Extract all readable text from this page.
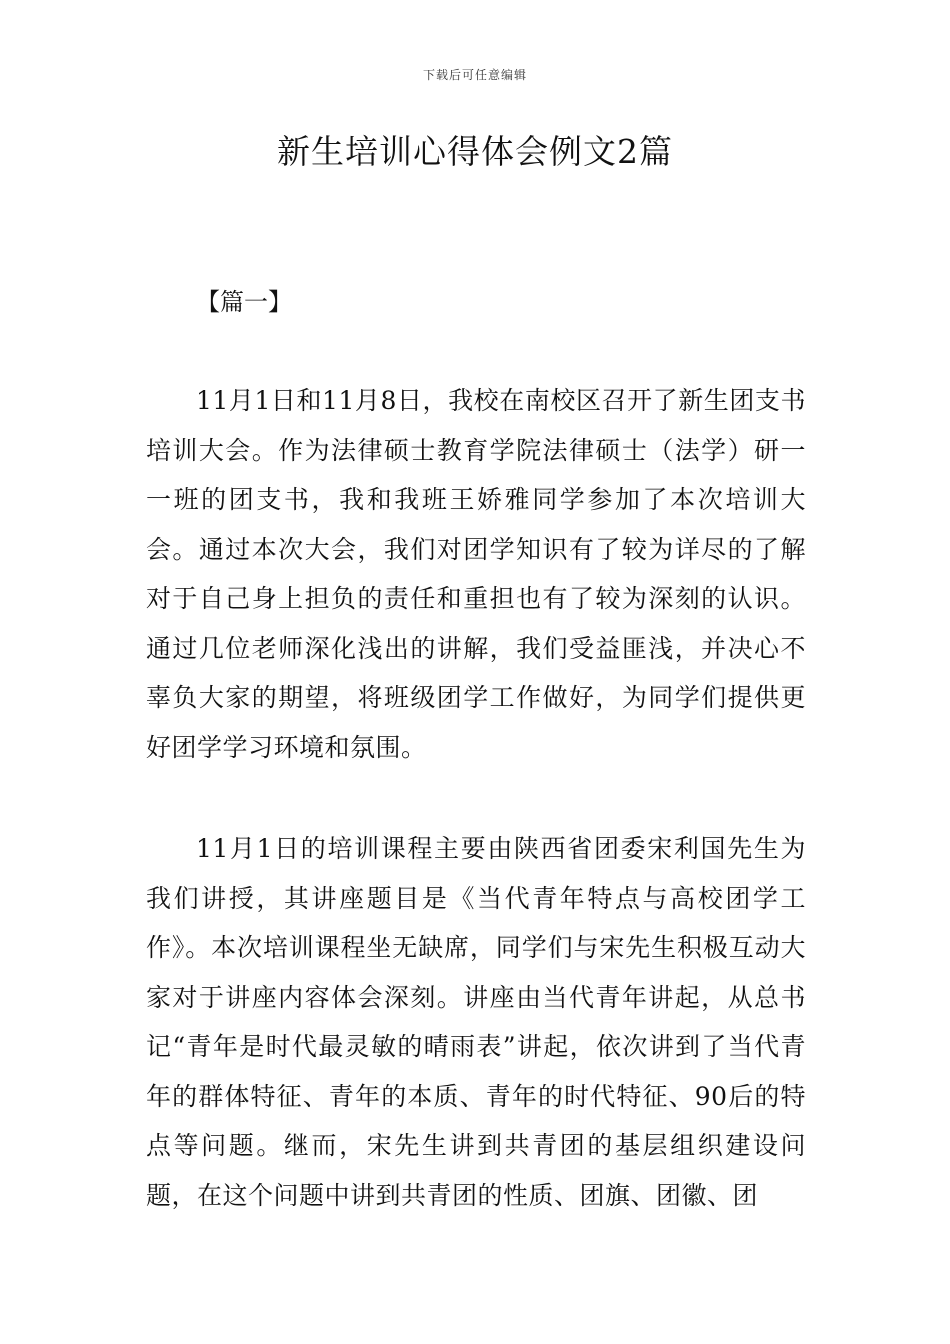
下载后可任意编辑
新生培训心得体会例文2篇
【篇一】

11月1日和11月8日，我校在南校区召开了新生团支书培训大会。作为法律硕士教育学院法律硕士（法学）研一一班的团支书，我和我班王娇雅同学参加了本次培训大会。通过本次大会，我们对团学知识有了较为详尽的了解对于自己身上担负的责任和重担也有了较为深刻的认识。通过几位老师深化浅出的讲解，我们受益匪浅，并决心不辜负大家的期望，将班级团学工作做好，为同学们提供更好团学学习环境和氛围。

11月1日的培训课程主要由陕西省团委宋利国先生为我们讲授，其讲座题目是《当代青年特点与高校团学工作》。本次培训课程坐无缺席，同学们与宋先生积极互动大家对于讲座内容体会深刻。讲座由当代青年讲起，从总书记“青年是时代最灵敏的晴雨表”讲起，依次讲到了当代青年的群体特征、青年的本质、青年的时代特征、90后的特点等问题。继而，宋先生讲到共青团的基层组织建设问题，在这个问题中讲到共青团的性质、团旗、团徽、团
